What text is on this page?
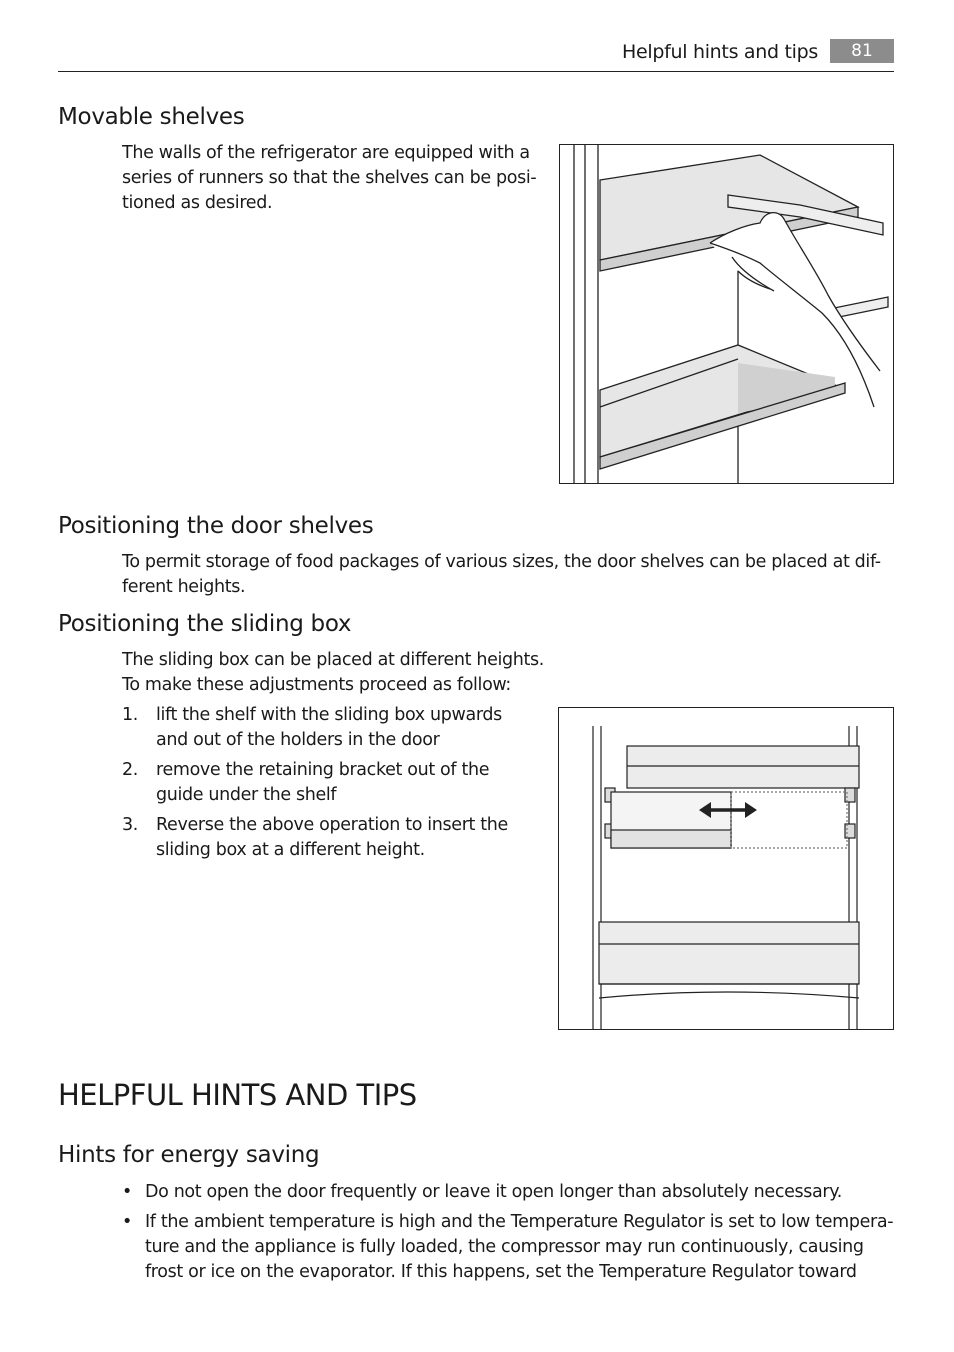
Helpful hints and tips	81
Movable shelves

The walls of the refrigerator are equipped with a
series of runners so that the shelves can be posi-
tioned as desired.

Positioning the door shelves

To permit storage of food packages of various sizes, the door shelves can be placed at dif-
ferent heights.

Positioning the sliding box

The sliding box can be placed at different heights.
To make these adjustments proceed as follow:

1. lift the shelf with the sliding box upwards
and out of the holders in the door
2. remove the retaining bracket out of the
guide under the shelf
3. Reverse the above operation to insert the
sliding box at a different height.
HELPFUL HINTS AND TIPS
Hints for energy saving
• Do not open the door frequently or leave it open longer than absolutely necessary.
• If the ambient temperature is high and the Temperature Regulator is set to low tempera-
ture and the appliance is fully loaded, the compressor may run continuously, causing
frost or ice on the evaporator. If this happens, set the Temperature Regulator toward
